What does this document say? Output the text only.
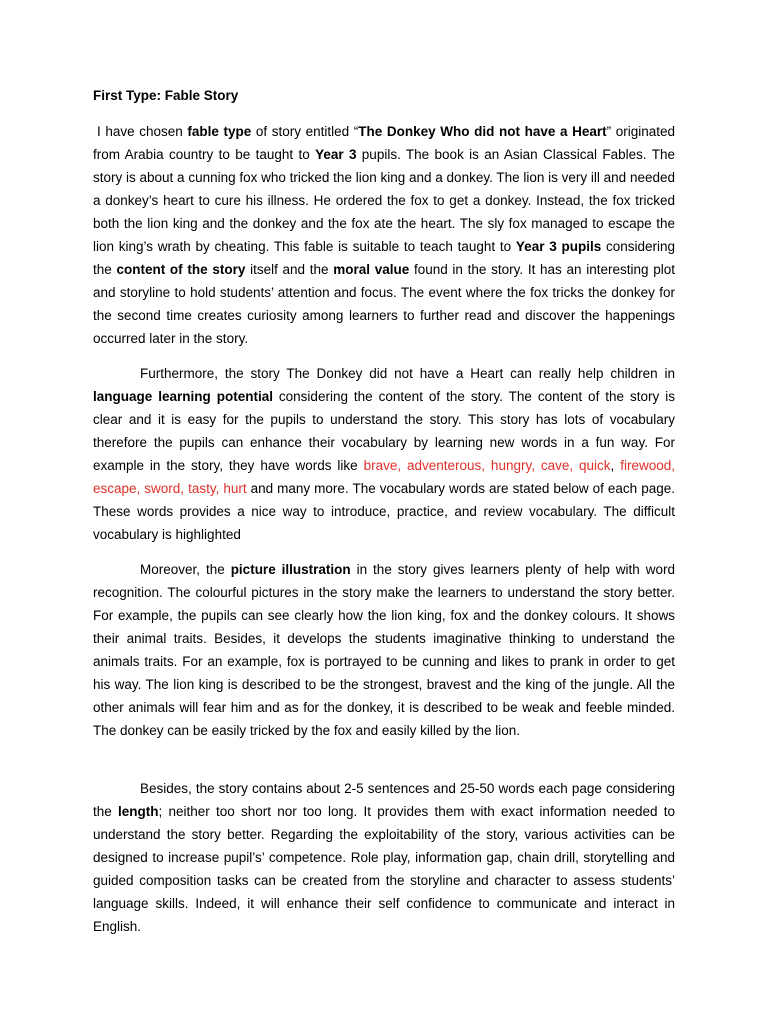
First Type: Fable Story

I have chosen fable type of story entitled “The Donkey Who did not have a Heart” originated from Arabia country to be taught to Year 3 pupils. The book is an Asian Classical Fables. The story is about a cunning fox who tricked the lion king and a donkey. The lion is very ill and needed a donkey’s heart to cure his illness. He ordered the fox to get a donkey. Instead, the fox tricked both the lion king and the donkey and the fox ate the heart. The sly fox managed to escape the lion king’s wrath by cheating. This fable is suitable to teach taught to Year 3 pupils considering the content of the story itself and the moral value found in the story. It has an interesting plot and storyline to hold students’ attention and focus. The event where the fox tricks the donkey for the second time creates curiosity among learners to further read and discover the happenings occurred later in the story.

Furthermore, the story The Donkey did not have a Heart can really help children in language learning potential considering the content of the story. The content of the story is clear and it is easy for the pupils to understand the story. This story has lots of vocabulary therefore the pupils can enhance their vocabulary by learning new words in a fun way. For example in the story, they have words like brave, adventerous, hungry, cave, quick, firewood, escape, sword, tasty, hurt and many more. The vocabulary words are stated below of each page. These words provides a nice way to introduce, practice, and review vocabulary. The difficult vocabulary is highlighted

Moreover, the picture illustration in the story gives learners plenty of help with word recognition. The colourful pictures in the story make the learners to understand the story better. For example, the pupils can see clearly how the lion king, fox and the donkey colours. It shows their animal traits. Besides, it develops the students imaginative thinking to understand the animals traits. For an example, fox is portrayed to be cunning and likes to prank in order to get his way. The lion king is described to be the strongest, bravest and the king of the jungle. All the other animals will fear him and as for the donkey, it is described to be weak and feeble minded. The donkey can be easily tricked by the fox and easily killed by the lion.

Besides, the story contains about 2-5 sentences and 25-50 words each page considering the length; neither too short nor too long. It provides them with exact information needed to understand the story better. Regarding the exploitability of the story, various activities can be designed to increase pupil’s’ competence. Role play, information gap, chain drill, storytelling and guided composition tasks can be created from the storyline and character to assess students’ language skills. Indeed, it will enhance their self confidence to communicate and interact in English.
